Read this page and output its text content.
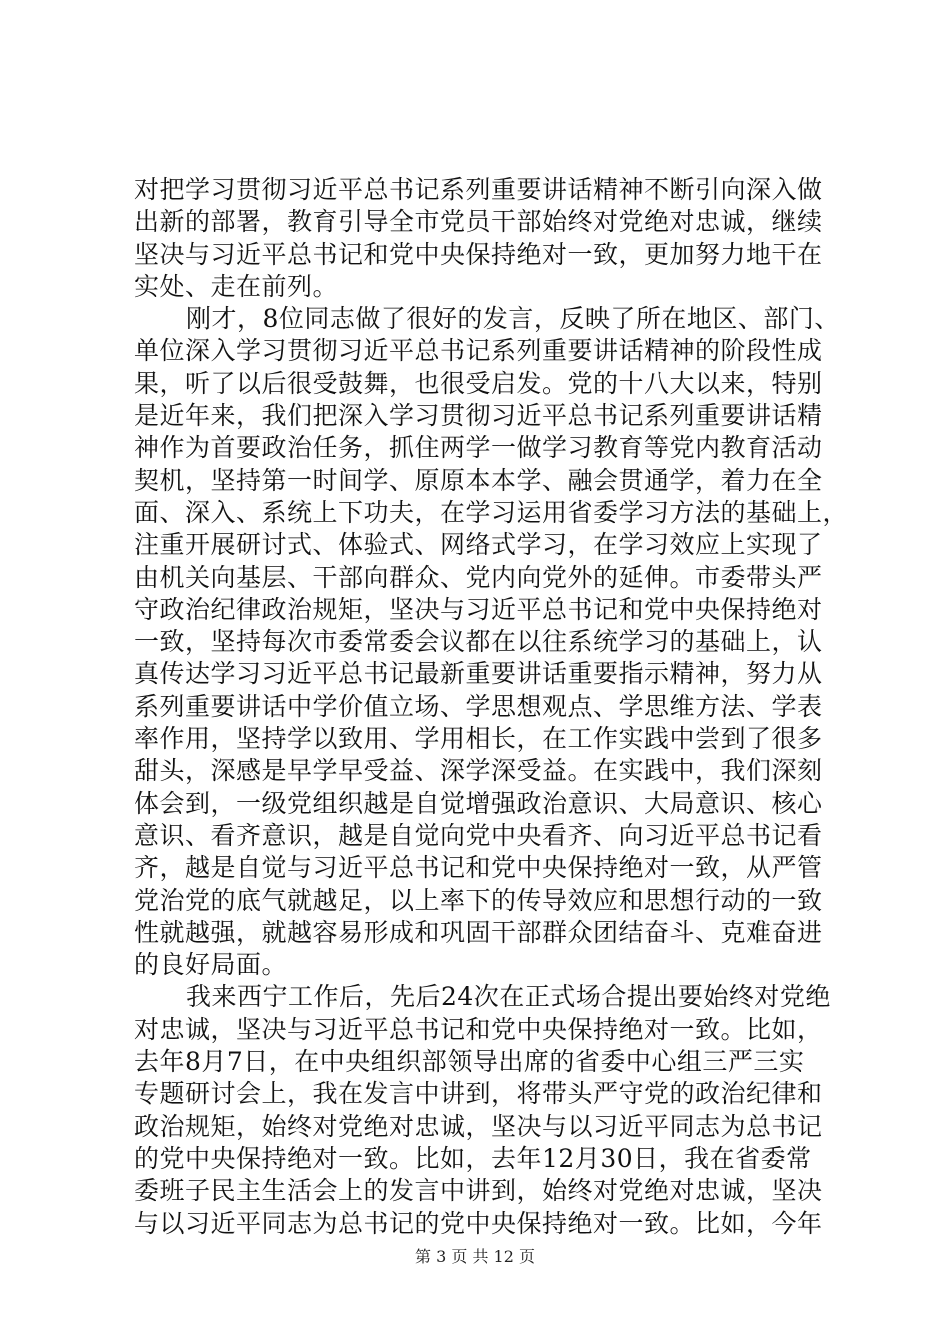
对把学习贯彻习近平总书记系列重要讲话精神不断引向深入做
出新的部署，教育引导全市党员干部始终对党绝对忠诚，继续
坚决与习近平总书记和党中央保持绝对一致，更加努力地干在
实处、走在前列。
刚才，8位同志做了很好的发言，反映了所在地区、部门、
单位深入学习贯彻习近平总书记系列重要讲话精神的阶段性成
果，听了以后很受鼓舞，也很受启发。党的十八大以来，特别
是近年来，我们把深入学习贯彻习近平总书记系列重要讲话精
神作为首要政治任务，抓住两学一做学习教育等党内教育活动
契机，坚持第一时间学、原原本本学、融会贯通学，着力在全
面、深入、系统上下功夫，在学习运用省委学习方法的基础上，
注重开展研讨式、体验式、网络式学习，在学习效应上实现了
由机关向基层、干部向群众、党内向党外的延伸。市委带头严
守政治纪律政治规矩，坚决与习近平总书记和党中央保持绝对
一致，坚持每次市委常委会议都在以往系统学习的基础上，认
真传达学习习近平总书记最新重要讲话重要指示精神，努力从
系列重要讲话中学价值立场、学思想观点、学思维方法、学表
率作用，坚持学以致用、学用相长，在工作实践中尝到了很多
甜头，深感是早学早受益、深学深受益。在实践中，我们深刻
体会到，一级党组织越是自觉增强政治意识、大局意识、核心
意识、看齐意识，越是自觉向党中央看齐、向习近平总书记看
齐，越是自觉与习近平总书记和党中央保持绝对一致，从严管
党治党的底气就越足，以上率下的传导效应和思想行动的一致
性就越强，就越容易形成和巩固干部群众团结奋斗、克难奋进
的良好局面。
我来西宁工作后，先后24次在正式场合提出要始终对党绝
对忠诚，坚决与习近平总书记和党中央保持绝对一致。比如，
去年8月7日，在中央组织部领导出席的省委中心组三严三实
专题研讨会上，我在发言中讲到，将带头严守党的政治纪律和
政治规矩，始终对党绝对忠诚，坚决与以习近平同志为总书记
的党中央保持绝对一致。比如，去年12月30日，我在省委常
委班子民主生活会上的发言中讲到，始终对党绝对忠诚，坚决
与以习近平同志为总书记的党中央保持绝对一致。比如，今年
第 3 页 共 12 页
